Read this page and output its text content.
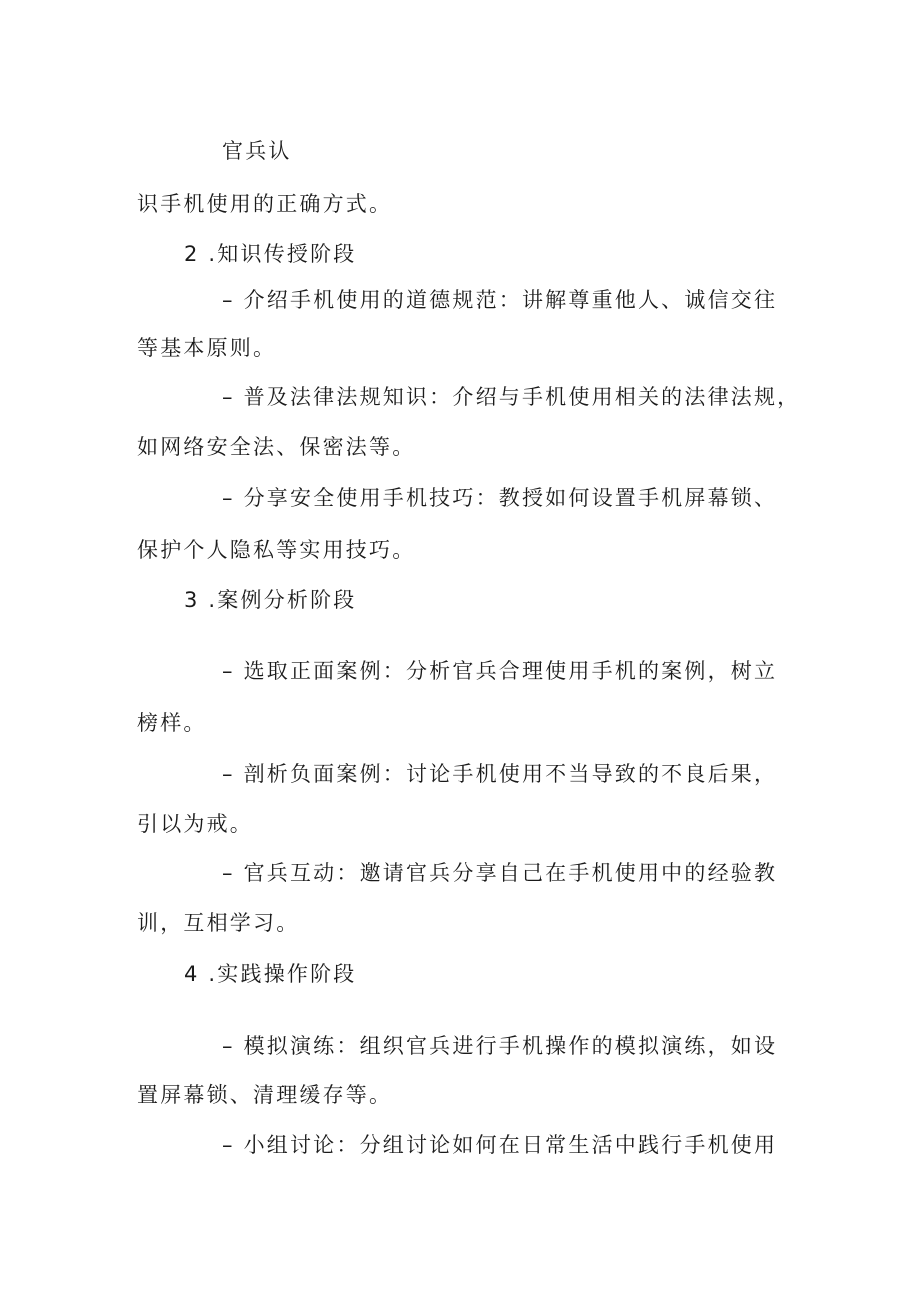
官兵认
识手机使用的正确方式。
2 .知识传授阶段
– 介绍手机使用的道德规范：讲解尊重他人、诚信交往
等基本原则。
– 普及法律法规知识：介绍与手机使用相关的法律法规，
如网络安全法、保密法等。
– 分享安全使用手机技巧：教授如何设置手机屏幕锁、
保护个人隐私等实用技巧。
3 .案例分析阶段
– 选取正面案例：分析官兵合理使用手机的案例，树立
榜样。
– 剖析负面案例：讨论手机使用不当导致的不良后果，
引以为戒。
– 官兵互动：邀请官兵分享自己在手机使用中的经验教
训，互相学习。
4 .实践操作阶段
– 模拟演练：组织官兵进行手机操作的模拟演练，如设
置屏幕锁、清理缓存等。
– 小组讨论：分组讨论如何在日常生活中践行手机使用
